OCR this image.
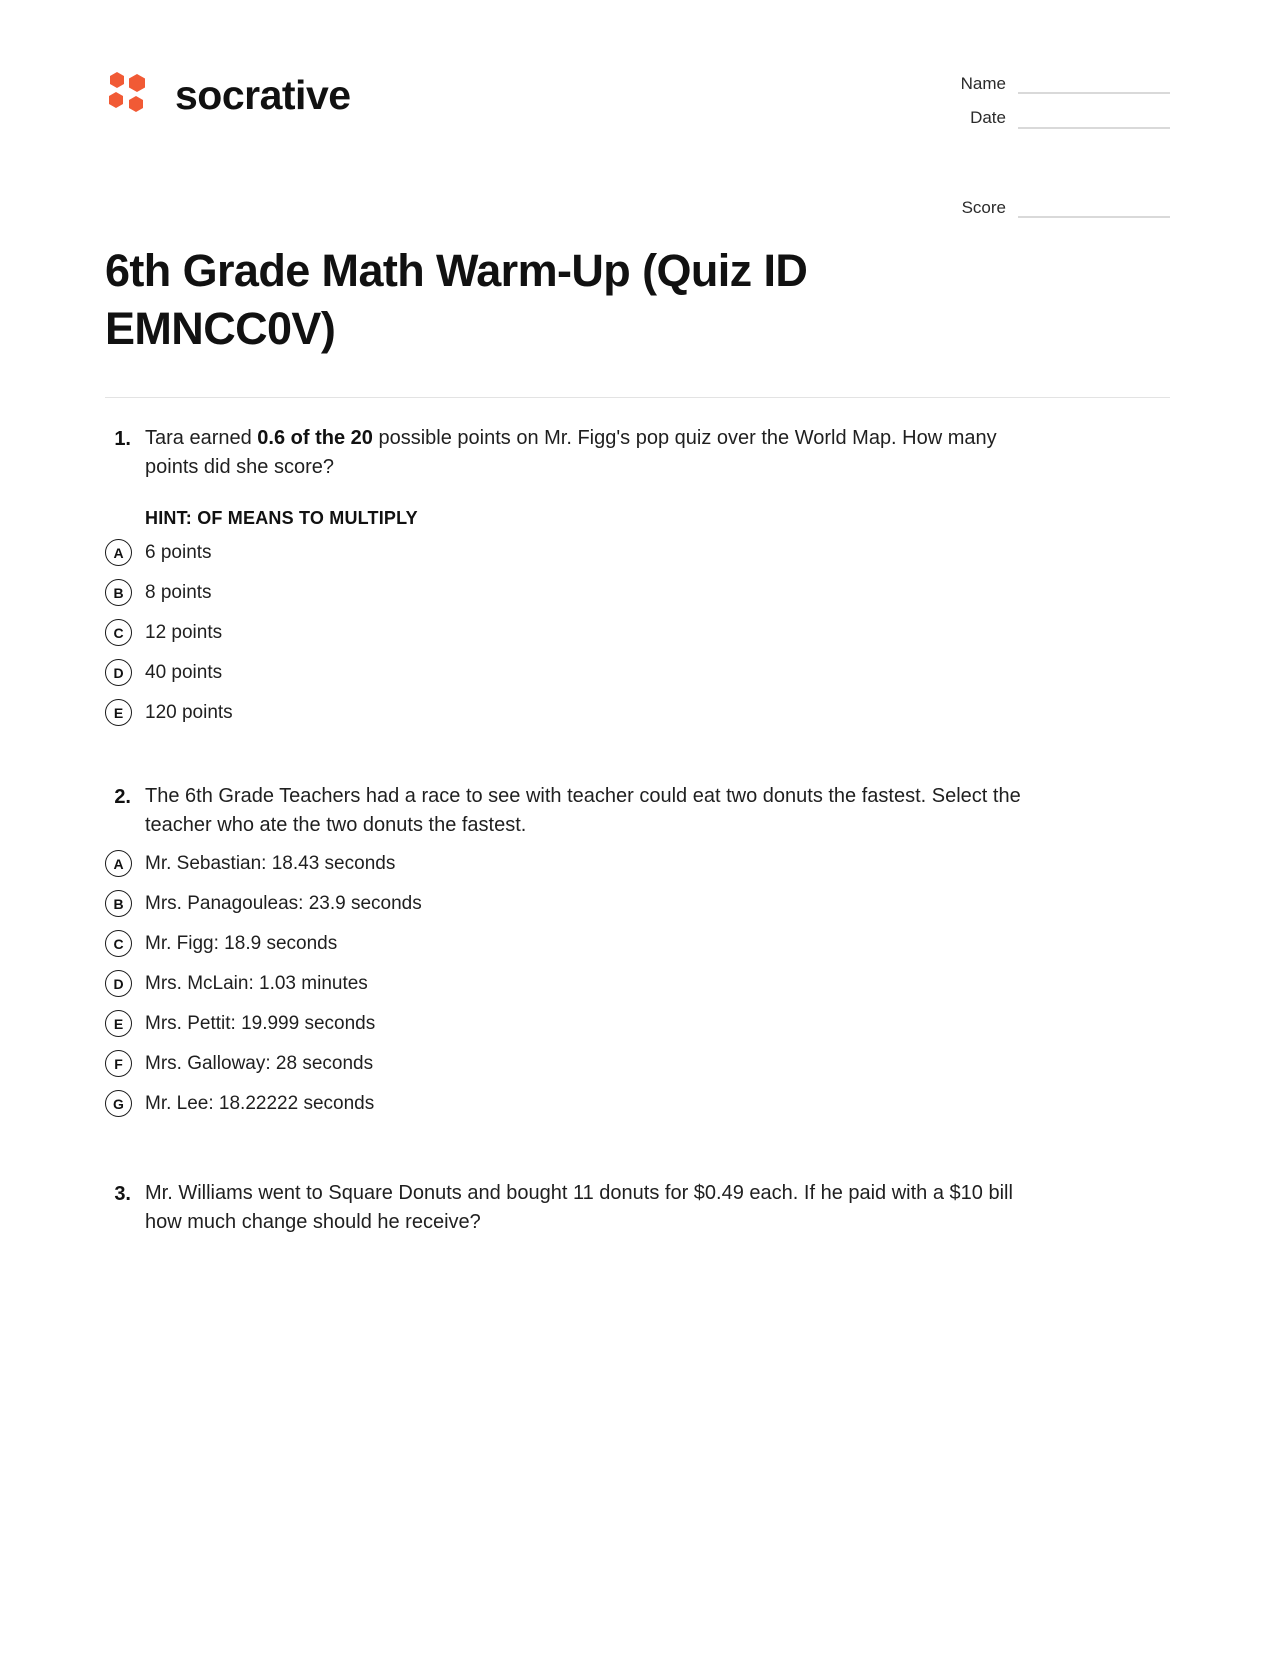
socrative	Name
Date
Score
6th Grade Math Warm-Up (Quiz ID EMNCC0V)
1. Tara earned 0.6 of the 20 possible points on Mr. Figg's pop quiz over the World Map. How many points did she score?
HINT: OF MEANS TO MULTIPLY
A	6 points
B	8 points
C	12 points
D	40 points
E	120 points
2. The 6th Grade Teachers had a race to see with teacher could eat two donuts the fastest. Select the teacher who ate the two donuts the fastest.
A	Mr. Sebastian: 18.43 seconds
B	Mrs. Panagouleas: 23.9 seconds
C	Mr. Figg: 18.9 seconds
D	Mrs. McLain: 1.03 minutes
E	Mrs. Pettit: 19.999 seconds
F	Mrs. Galloway: 28 seconds
G	Mr. Lee: 18.22222 seconds
3. Mr. Williams went to Square Donuts and bought 11 donuts for $0.49 each. If he paid with a $10 bill how much change should he receive?
